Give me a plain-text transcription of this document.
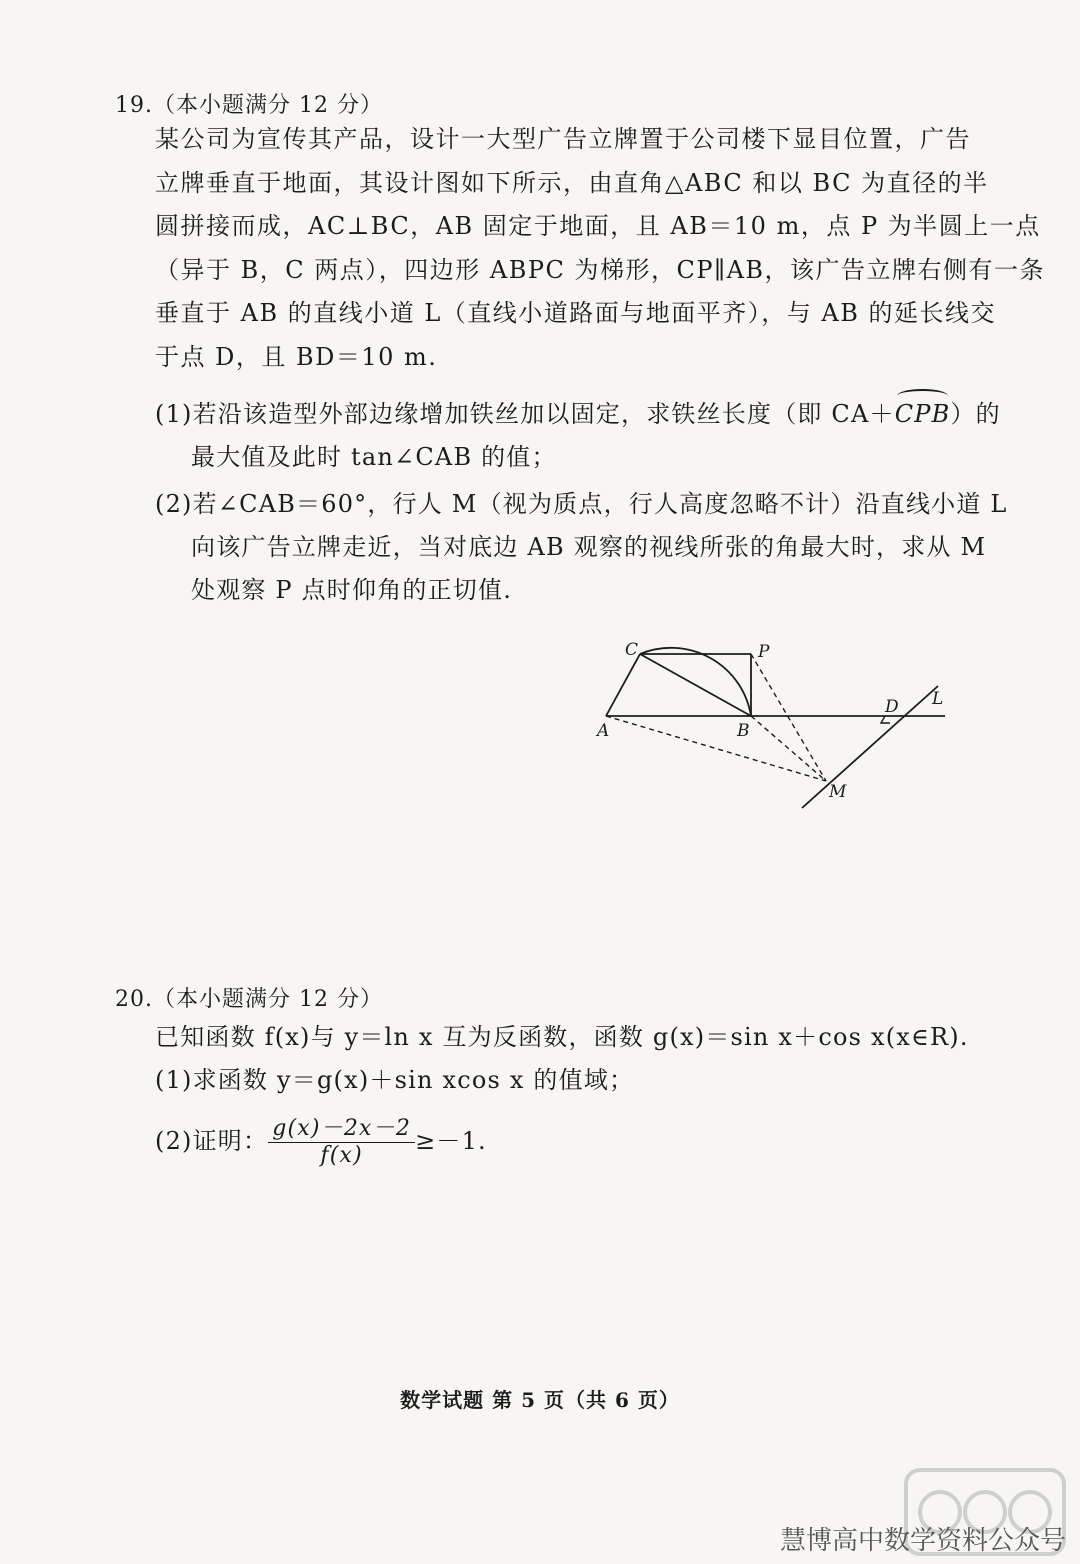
19.（本小题满分 12 分）
某公司为宣传其产品，设计一大型广告立牌置于公司楼下显目位置，广告
立牌垂直于地面，其设计图如下所示，由直角△ABC 和以 BC 为直径的半
圆拼接而成，AC⊥BC，AB 固定于地面，且 AB＝10 m，点 P 为半圆上一点
（异于 B，C 两点），四边形 ABPC 为梯形，CP∥AB，该广告立牌右侧有一条
垂直于 AB 的直线小道 L（直线小道路面与地面平齐），与 AB 的延长线交
于点 D，且 BD＝10 m.
(1)若沿该造型外部边缘增加铁丝加以固定，求铁丝长度（即 CA＋CPB）的
最大值及此时 tan∠CAB 的值；
(2)若∠CAB＝60°，行人 M（视为质点，行人高度忽略不计）沿直线小道 L
向该广告立牌走近，当对底边 AB 观察的视线所张的角最大时，求从 M
处观察 P 点时仰角的正切值.
C	P
A	B
D L
M
20.（本小题满分 12 分）
已知函数 f(x)与 y＝ln x 互为反函数，函数 g(x)＝sin x＋cos x(x∈R).
(1)求函数 y＝g(x)＋sin xcos x 的值域；
(2)证明： $\frac{g(x)-2x-2}{f(x)} \ge-1$.
数学试题 第 5 页（共 6 页）
慧博高中数学资料公众号
